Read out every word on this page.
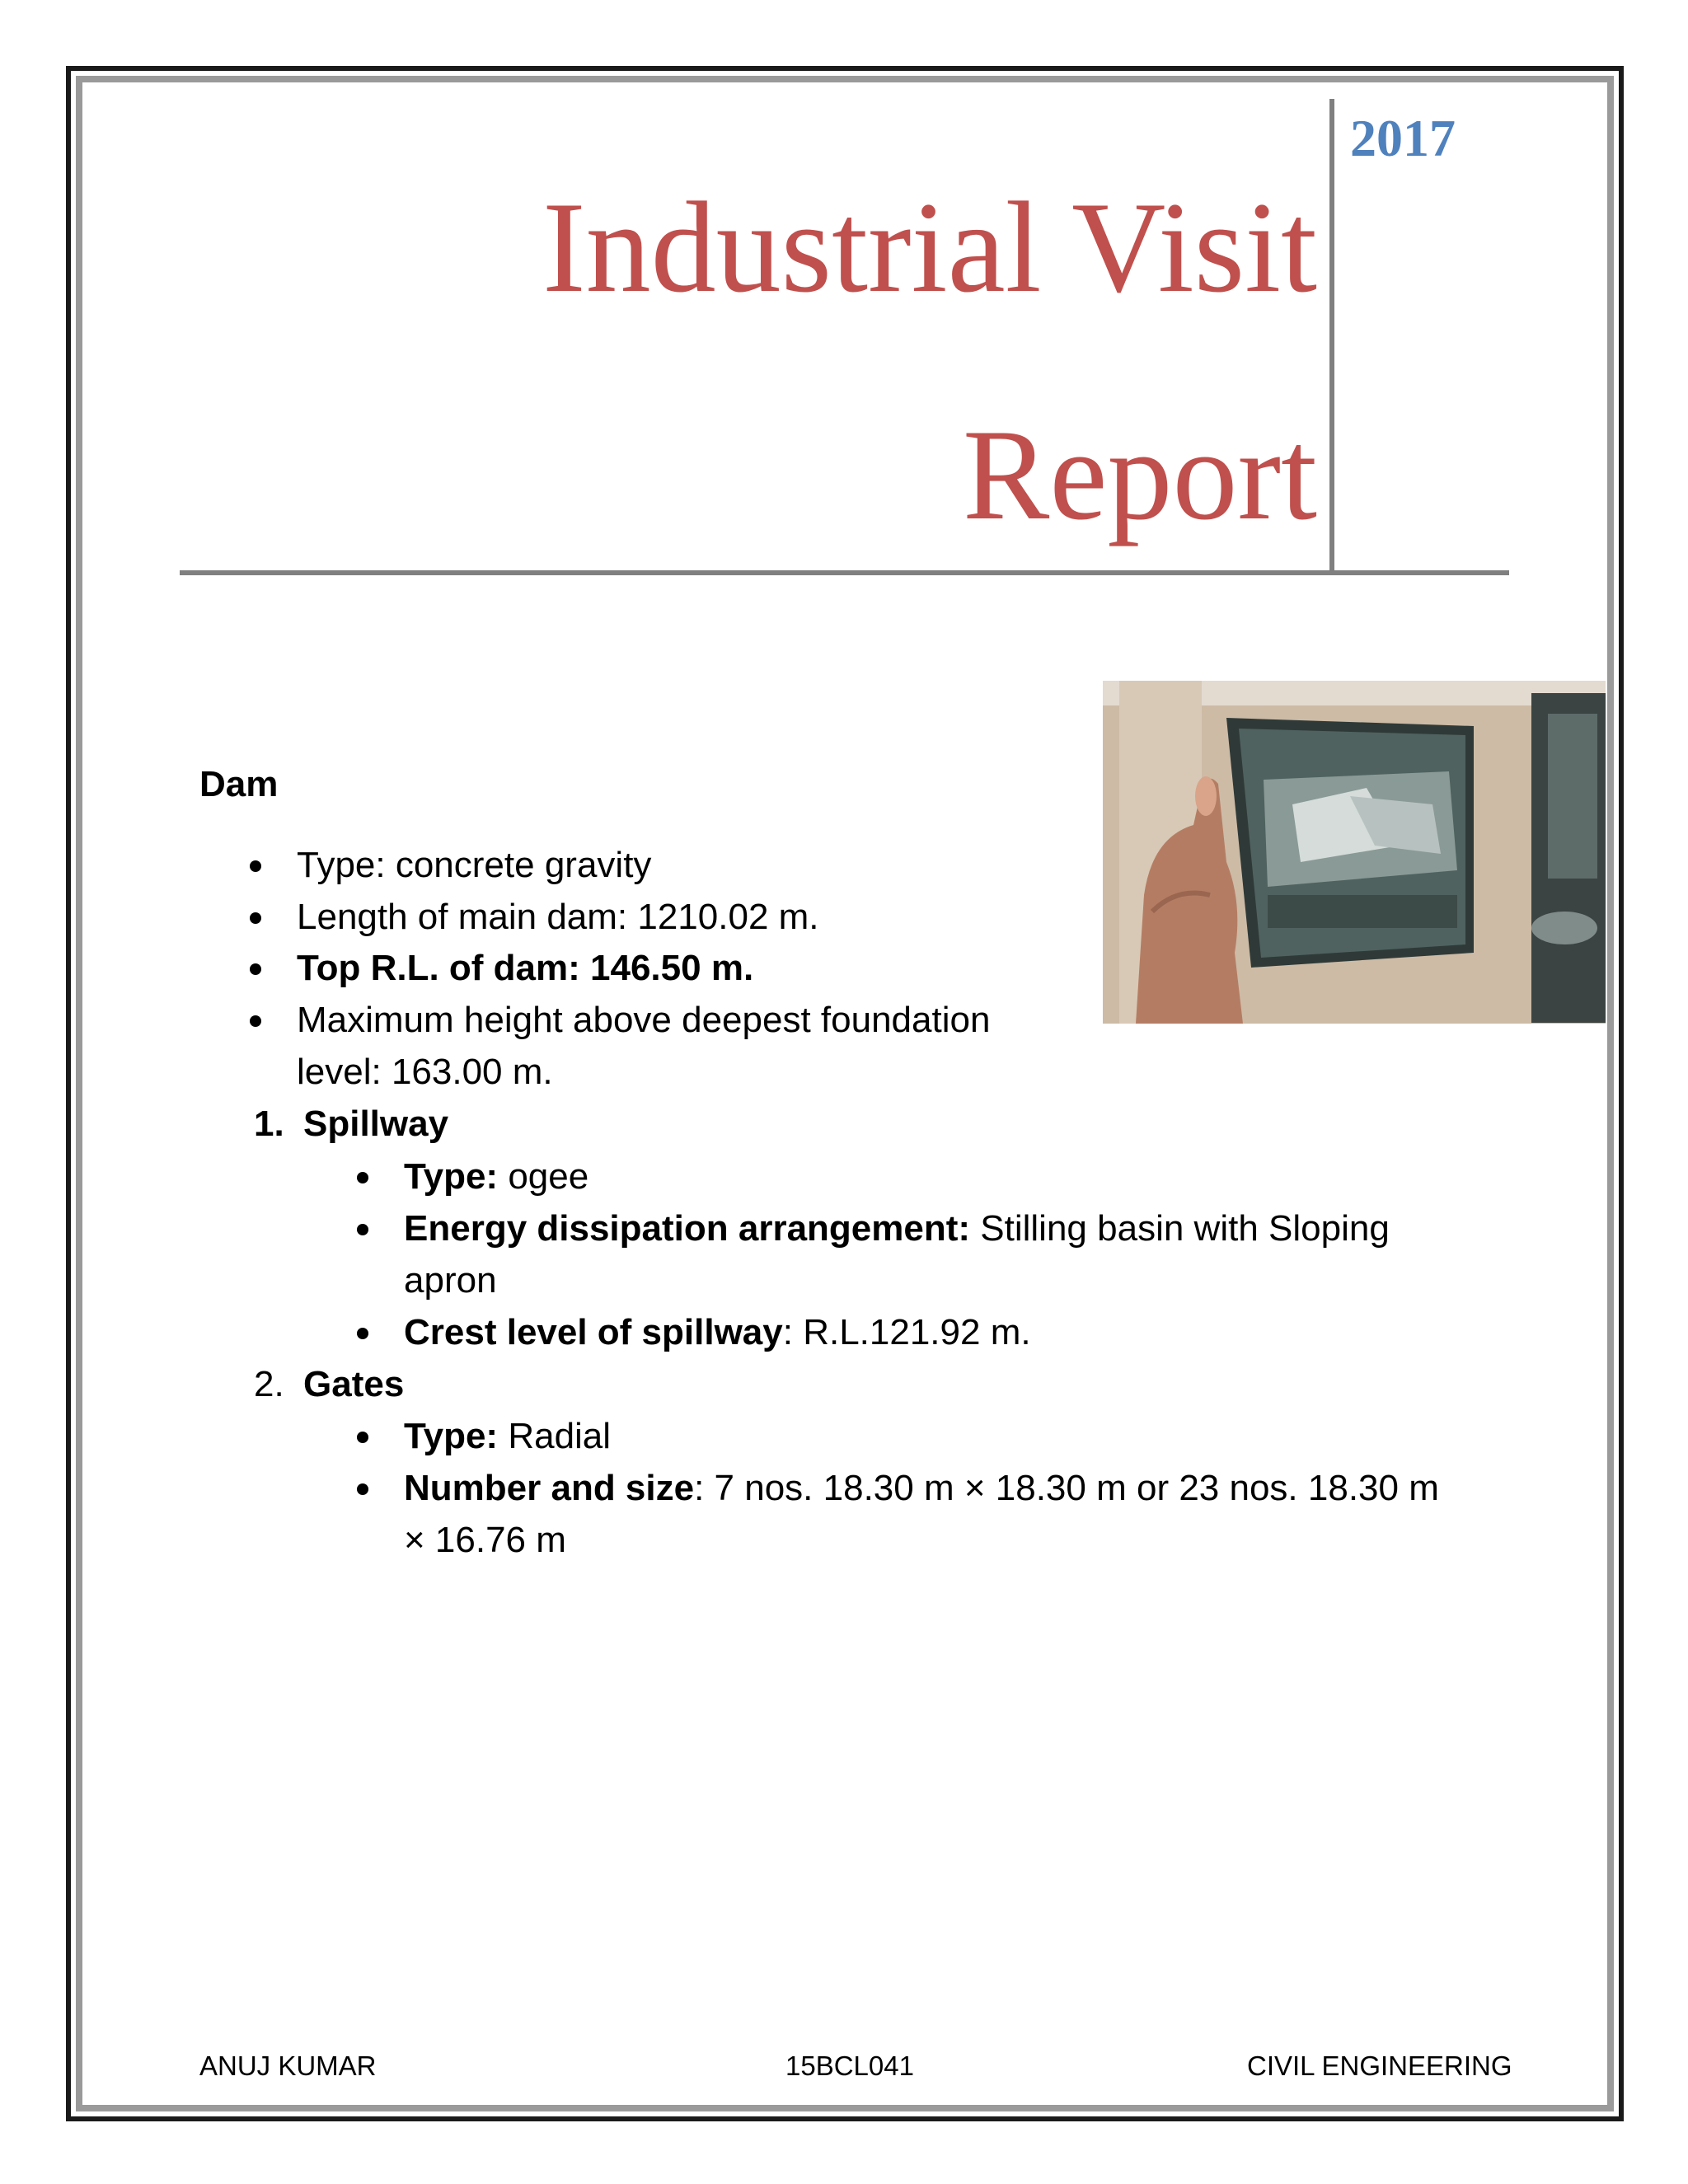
Industrial Visit
Report
2017
Dam
Type: concrete gravity
Length of main dam: 1210.02 m.
Top R.L. of dam: 146.50 m.
Maximum height above deepest foundation
level: 163.00 m.
1. Spillway
Type: ogee
Energy dissipation arrangement: Stilling basin with Sloping
apron
Crest level of spillway: R.L.121.92 m.
2. Gates
Type: Radial
Number and size: 7 nos. 18.30 m × 18.30 m or 23 nos. 18.30 m
× 16.76 m
ANUJ KUMAR	15BCL041	CIVIL ENGINEERING
